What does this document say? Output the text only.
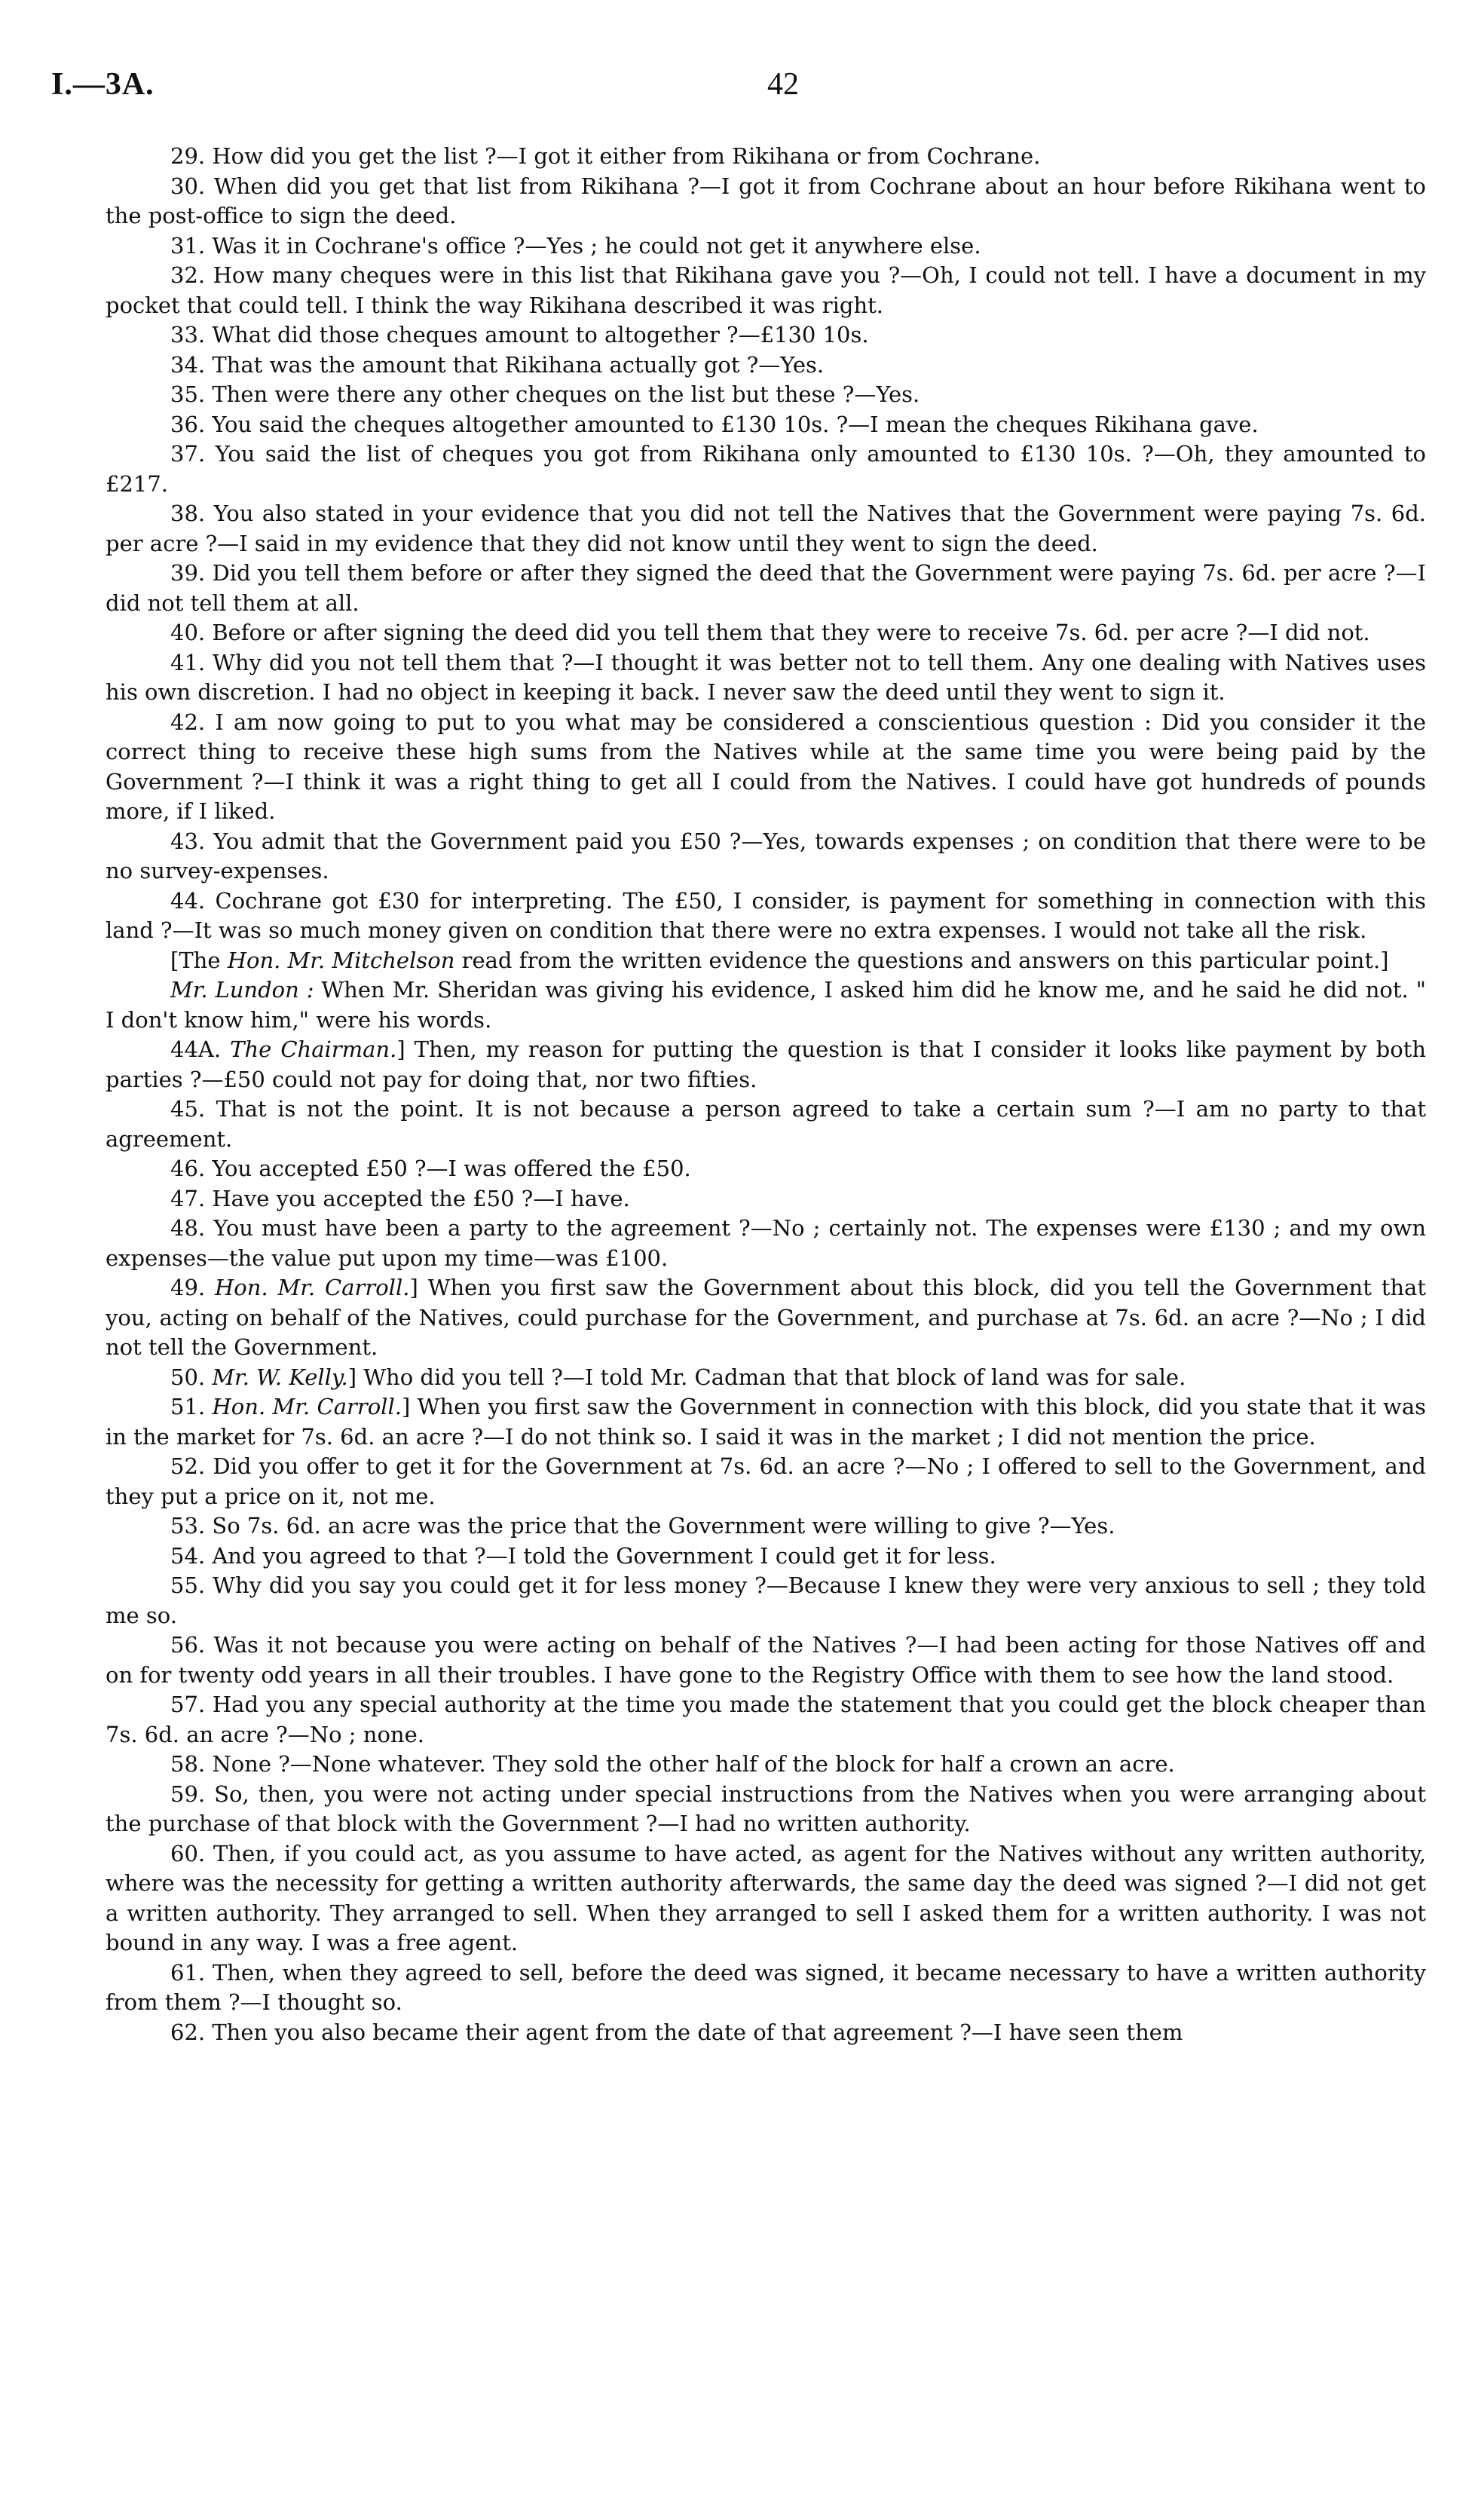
I.—3A.	42

29. How did you get the list ?—I got it either from Rikihana or from Cochrane.

30. When did you get that list from Rikihana ?—I got it from Cochrane about an hour before Rikihana went to the post-office to sign the deed.

31. Was it in Cochrane's office ?—Yes ; he could not get it anywhere else.

32. How many cheques were in this list that Rikihana gave you ?—Oh, I could not tell. I have a document in my pocket that could tell. I think the way Rikihana described it was right.

33. What did those cheques amount to altogether ?—£130 10s.

34. That was the amount that Rikihana actually got ?—Yes.

35. Then were there any other cheques on the list but these ?—Yes.

36. You said the cheques altogether amounted to £130 10s. ?—I mean the cheques Rikihana gave.

37. You said the list of cheques you got from Rikihana only amounted to £130 10s. ?—Oh, they amounted to £217.

38. You also stated in your evidence that you did not tell the Natives that the Government were paying 7s. 6d. per acre ?—I said in my evidence that they did not know until they went to sign the deed.

39. Did you tell them before or after they signed the deed that the Government were paying 7s. 6d. per acre ?—I did not tell them at all.

40. Before or after signing the deed did you tell them that they were to receive 7s. 6d. per acre ?—I did not.

41. Why did you not tell them that ?—I thought it was better not to tell them. Any one dealing with Natives uses his own discretion. I had no object in keeping it back. I never saw the deed until they went to sign it.

42. I am now going to put to you what may be considered a conscientious question : Did you consider it the correct thing to receive these high sums from the Natives while at the same time you were being paid by the Government ?—I think it was a right thing to get all I could from the Natives. I could have got hundreds of pounds more, if I liked.

43. You admit that the Government paid you £50 ?—Yes, towards expenses ; on condition that there were to be no survey-expenses.

44. Cochrane got £30 for interpreting. The £50, I consider, is payment for something in connection with this land ?—It was so much money given on condition that there were no extra expenses. I would not take all the risk.

[The Hon. Mr. Mitchelson read from the written evidence the questions and answers on this particular point.]

Mr. Lundon : When Mr. Sheridan was giving his evidence, I asked him did he know me, and he said he did not. " I don't know him," were his words.

44A. The Chairman.] Then, my reason for putting the question is that I consider it looks like payment by both parties ?—£50 could not pay for doing that, nor two fifties.

45. That is not the point. It is not because a person agreed to take a certain sum ?—I am no party to that agreement.

46. You accepted £50 ?—I was offered the £50.

47. Have you accepted the £50 ?—I have.

48. You must have been a party to the agreement ?—No ; certainly not. The expenses were £130 ; and my own expenses—the value put upon my time—was £100.

49. Hon. Mr. Carroll.] When you first saw the Government about this block, did you tell the Government that you, acting on behalf of the Natives, could purchase for the Government, and purchase at 7s. 6d. an acre ?—No ; I did not tell the Government.

50. Mr. W. Kelly.] Who did you tell ?—I told Mr. Cadman that that block of land was for sale.

51. Hon. Mr. Carroll.] When you first saw the Government in connection with this block, did you state that it was in the market for 7s. 6d. an acre ?—I do not think so. I said it was in the market ; I did not mention the price.

52. Did you offer to get it for the Government at 7s. 6d. an acre ?—No ; I offered to sell to the Government, and they put a price on it, not me.

53. So 7s. 6d. an acre was the price that the Government were willing to give ?—Yes.

54. And you agreed to that ?—I told the Government I could get it for less.

55. Why did you say you could get it for less money ?—Because I knew they were very anxious to sell ; they told me so.

56. Was it not because you were acting on behalf of the Natives ?—I had been acting for those Natives off and on for twenty odd years in all their troubles. I have gone to the Registry Office with them to see how the land stood.

57. Had you any special authority at the time you made the statement that you could get the block cheaper than 7s. 6d. an acre ?—No ; none.

58. None ?—None whatever. They sold the other half of the block for half a crown an acre.

59. So, then, you were not acting under special instructions from the Natives when you were arranging about the purchase of that block with the Government ?—I had no written authority.

60. Then, if you could act, as you assume to have acted, as agent for the Natives without any written authority, where was the necessity for getting a written authority afterwards, the same day the deed was signed ?—I did not get a written authority. They arranged to sell. When they arranged to sell I asked them for a written authority. I was not bound in any way. I was a free agent.

61. Then, when they agreed to sell, before the deed was signed, it became necessary to have a written authority from them ?—I thought so.

62. Then you also became their agent from the date of that agreement ?—I have seen them
